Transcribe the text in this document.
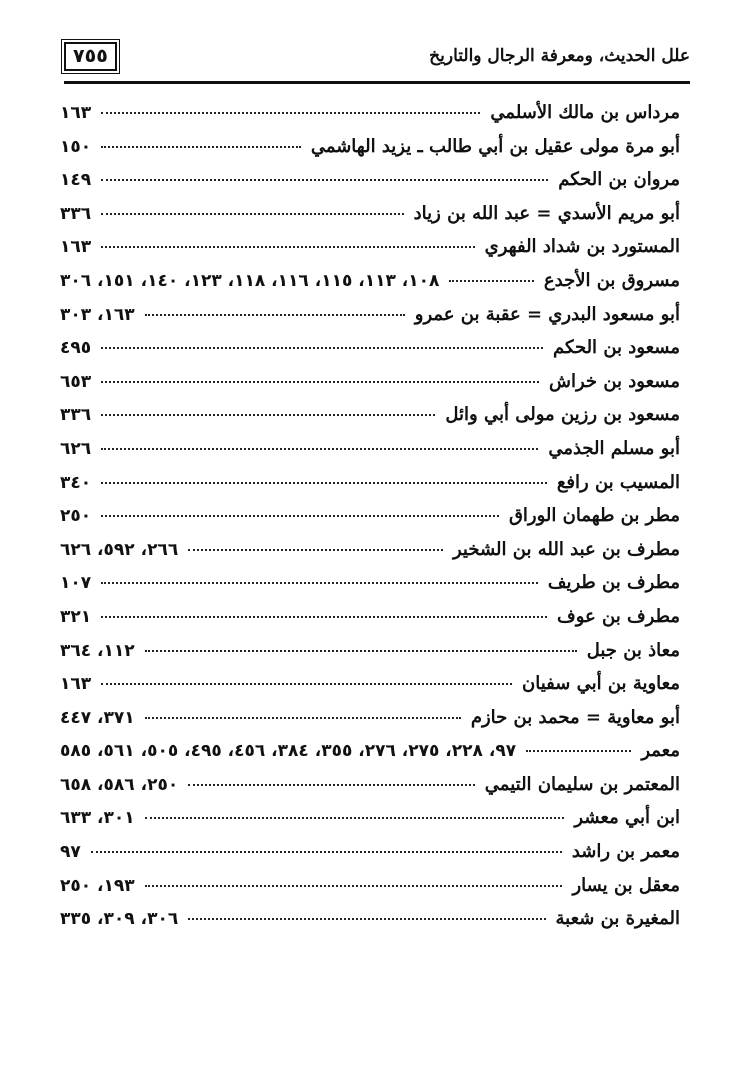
علل الحديث، ومعرفة الرجال والتاريخ
٧٥٥
مرداس بن مالك الأسلمي
١٦٣
أبو مرة مولى عقيل بن أبي طالب ـ يزيد الهاشمي
١٥٠
مروان بن الحكم
١٤٩
أبو مريم الأسدي = عبد الله بن زياد
٣٣٦
المستورد بن شداد الفهري
١٦٣
مسروق بن الأجدع
١٠٨، ١١٣، ١١٥، ١١٦، ١١٨، ١٢٣، ١٤٠، ١٥١، ٣٠٦
أبو مسعود البدري = عقبة بن عمرو
١٦٣، ٣٠٣
مسعود بن الحكم
٤٩٥
مسعود بن خراش
٦٥٣
مسعود بن رزين مولى أبي وائل
٣٣٦
أبو مسلم الجذمي
٦٢٦
المسيب بن رافع
٣٤٠
مطر بن طهمان الوراق
٢٥٠
مطرف بن عبد الله بن الشخير
٢٦٦، ٥٩٢، ٦٢٦
مطرف بن طريف
١٠٧
مطرف بن عوف
٣٢١
معاذ بن جبل
١١٢، ٣٦٤
معاوية بن أبي سفيان
١٦٣
أبو معاوية = محمد بن حازم
٣٧١، ٤٤٧
معمر
٩٧، ٢٢٨، ٢٧٥، ٢٧٦، ٣٥٥، ٣٨٤، ٤٥٦، ٤٩٥، ٥٠٥، ٥٦١، ٥٨٥
المعتمر بن سليمان التيمي
٢٥٠، ٥٨٦، ٦٥٨
ابن أبي معشر
٣٠١، ٦٣٣
معمر بن راشد
٩٧
معقل بن يسار
١٩٣، ٢٥٠
المغيرة بن شعبة
٣٠٦، ٣٠٩، ٣٣٥
